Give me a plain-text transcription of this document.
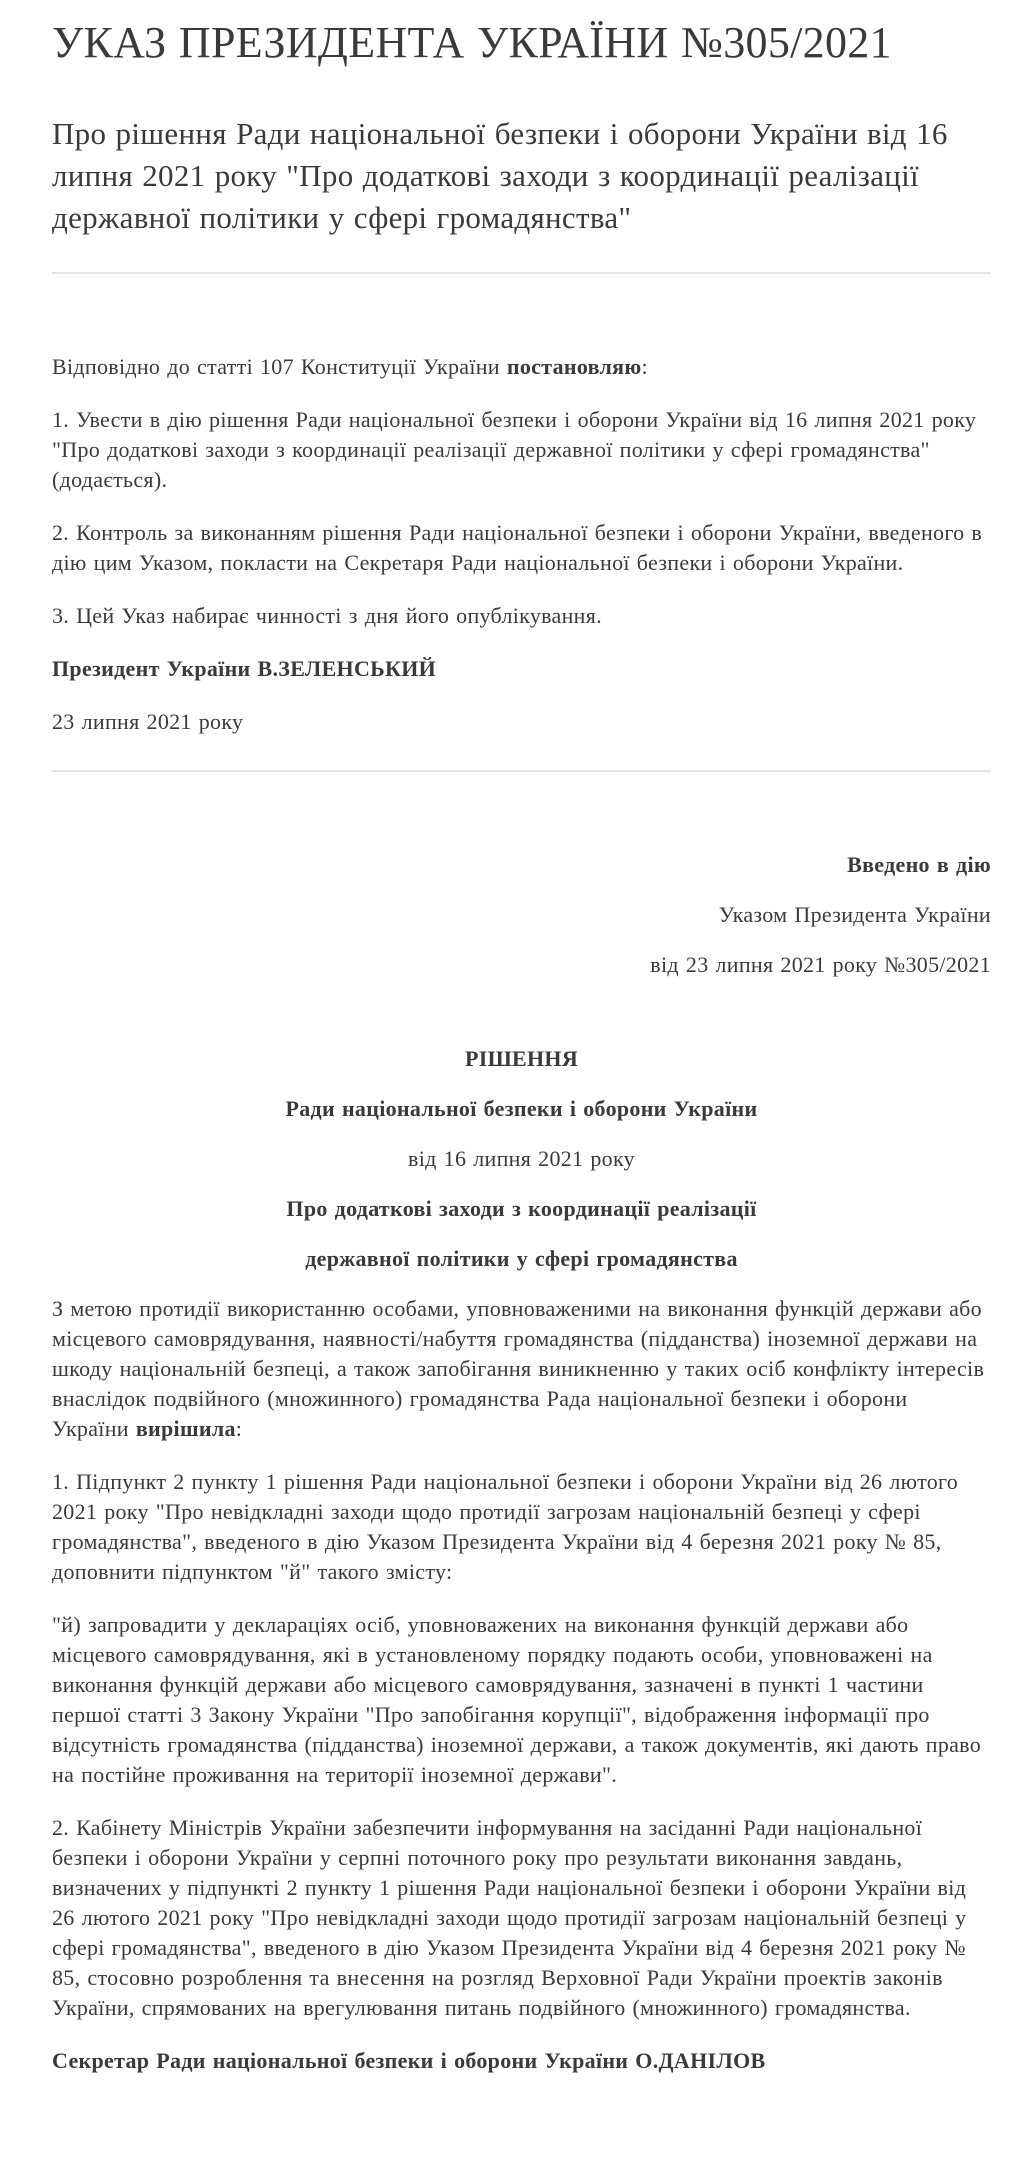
УКАЗ ПРЕЗИДЕНТА УКРАЇНИ №305/2021

Про рішення Ради національної безпеки і оборони України від 16 липня 2021 року "Про додаткові заходи з координації реалізації державної політики у сфері громадянства"

Відповідно до статті 107 Конституції України постановляю:

1. Увести в дію рішення Ради національної безпеки і оборони України від 16 липня 2021 року "Про додаткові заходи з координації реалізації державної політики у сфері громадянства" (додається).

2. Контроль за виконанням рішення Ради національної безпеки і оборони України, введеного в дію цим Указом, покласти на Секретаря Ради національної безпеки і оборони України.

3. Цей Указ набирає чинності з дня його опублікування.

Президент України В.ЗЕЛЕНСЬКИЙ

23 липня 2021 року

Введено в дію

Указом Президента України

від 23 липня 2021 року №305/2021

РІШЕННЯ

Ради національної безпеки і оборони України

від 16 липня 2021 року

Про додаткові заходи з координації реалізації

державної політики у сфері громадянства

З метою протидії використанню особами, уповноваженими на виконання функцій держави або місцевого самоврядування, наявності/набуття громадянства (підданства) іноземної держави на шкоду національній безпеці, а також запобігання виникненню у таких осіб конфлікту інтересів внаслідок подвійного (множинного) громадянства Рада національної безпеки і оборони України вирішила:

1. Підпункт 2 пункту 1 рішення Ради національної безпеки і оборони України від 26 лютого 2021 року "Про невідкладні заходи щодо протидії загрозам національній безпеці у сфері громадянства", введеного в дію Указом Президента України від 4 березня 2021 року № 85, доповнити підпунктом "й" такого змісту:

"й) запровадити у деклараціях осіб, уповноважених на виконання функцій держави або місцевого самоврядування, які в установленому порядку подають особи, уповноважені на виконання функцій держави або місцевого самоврядування, зазначені в пункті 1 частини першої статті 3 Закону України "Про запобігання корупції", відображення інформації про відсутність громадянства (підданства) іноземної держави, а також документів, які дають право на постійне проживання на території іноземної держави".

2. Кабінету Міністрів України забезпечити інформування на засіданні Ради національної безпеки і оборони України у серпні поточного року про результати виконання завдань, визначених у підпункті 2 пункту 1 рішення Ради національної безпеки і оборони України від 26 лютого 2021 року "Про невідкладні заходи щодо протидії загрозам національній безпеці у сфері громадянства", введеного в дію Указом Президента України від 4 березня 2021 року № 85, стосовно розроблення та внесення на розгляд Верховної Ради України проектів законів України, спрямованих на врегулювання питань подвійного (множинного) громадянства.

Секретар Ради національної безпеки і оборони України О.ДАНІЛОВ
